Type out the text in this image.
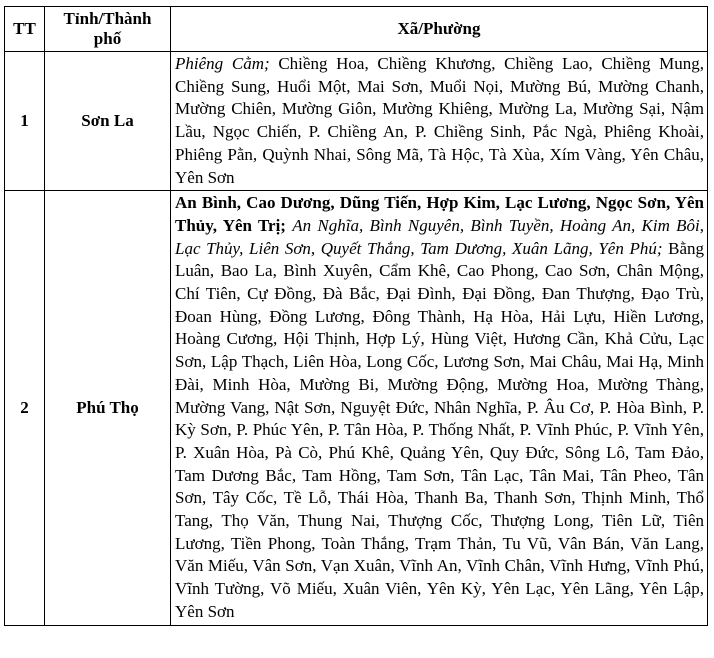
TT	Tỉnh/Thành phố	Xã/Phường
1	Sơn La	Phiêng Cằm; Chiềng Hoa, Chiềng Khương, Chiềng Lao, Chiềng Mung, Chiềng Sung, Huổi Một, Mai Sơn, Muổi Nọi, Mường Bú, Mường Chanh, Mường Chiên, Mường Giôn, Mường Khiêng, Mường La, Mường Sại, Nậm Lầu, Ngọc Chiến, P. Chiềng An, P. Chiềng Sinh, Pắc Ngà, Phiêng Khoài, Phiêng Pằn, Quỳnh Nhai, Sông Mã, Tà Hộc, Tà Xùa, Xím Vàng, Yên Châu, Yên Sơn
2	Phú Thọ	An Bình, Cao Dương, Dũng Tiến, Hợp Kim, Lạc Lương, Ngọc Sơn, Yên Thủy, Yên Trị; An Nghĩa, Bình Nguyên, Bình Tuyền, Hoàng An, Kim Bôi, Lạc Thủy, Liên Sơn, Quyết Thắng, Tam Dương, Xuân Lãng, Yên Phú; Bằng Luân, Bao La, Bình Xuyên, Cẩm Khê, Cao Phong, Cao Sơn, Chân Mộng, Chí Tiên, Cự Đồng, Đà Bắc, Đại Đình, Đại Đồng, Đan Thượng, Đạo Trù, Đoan Hùng, Đồng Lương, Đông Thành, Hạ Hòa, Hải Lựu, Hiền Lương, Hoàng Cương, Hội Thịnh, Hợp Lý, Hùng Việt, Hương Cần, Khả Cửu, Lạc Sơn, Lập Thạch, Liên Hòa, Long Cốc, Lương Sơn, Mai Châu, Mai Hạ, Minh Đài, Minh Hòa, Mường Bi, Mường Động, Mường Hoa, Mường Thàng, Mường Vang, Nật Sơn, Nguyệt Đức, Nhân Nghĩa, P. Âu Cơ, P. Hòa Bình, P. Kỳ Sơn, P. Phúc Yên, P. Tân Hòa, P. Thống Nhất, P. Vĩnh Phúc, P. Vĩnh Yên, P. Xuân Hòa, Pà Cò, Phú Khê, Quảng Yên, Quy Đức, Sông Lô, Tam Đảo, Tam Dương Bắc, Tam Hồng, Tam Sơn, Tân Lạc, Tân Mai, Tân Pheo, Tân Sơn, Tây Cốc, Tề Lỗ, Thái Hòa, Thanh Ba, Thanh Sơn, Thịnh Minh, Thổ Tang, Thọ Văn, Thung Nai, Thượng Cốc, Thượng Long, Tiên Lữ, Tiên Lương, Tiền Phong, Toàn Thắng, Trạm Thản, Tu Vũ, Vân Bán, Văn Lang, Văn Miếu, Vân Sơn, Vạn Xuân, Vĩnh An, Vĩnh Chân, Vĩnh Hưng, Vĩnh Phú, Vĩnh Tường, Võ Miếu, Xuân Viên, Yên Kỳ, Yên Lạc, Yên Lãng, Yên Lập, Yên Sơn
